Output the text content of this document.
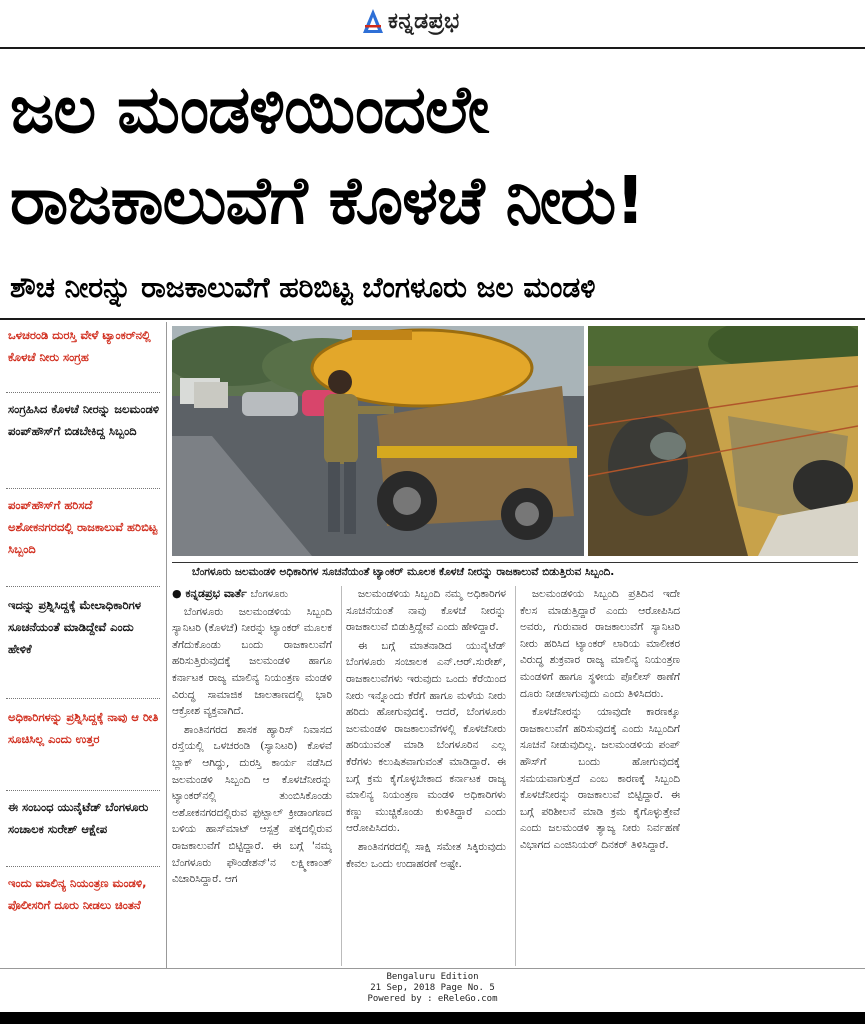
ಕನ್ನಡಪ್ರಭ
ಜಲ ಮಂಡಳಿಯಿಂದಲೇ
ರಾಜಕಾಲುವೆಗೆ ಕೊಳಚೆ ನೀರು!
ಶೌಚ ನೀರನ್ನು ರಾಜಕಾಲುವೆಗೆ ಹರಿಬಿಟ್ಟ ಬೆಂಗಳೂರು ಜಲ ಮಂಡಳಿ
ಒಳಚರಂಡಿ ದುರಸ್ತಿ ವೇಳೆ ಟ್ಯಾಂಕರ್‌ನಲ್ಲಿ ಕೊಳಚೆ ನೀರು ಸಂಗ್ರಹ
ಸಂಗ್ರಹಿಸಿದ ಕೊಳಚೆ ನೀರನ್ನು ಜಲಮಂಡಳಿ ಪಂಪ್‌ಹೌಸ್‌ಗೆ ಬಿಡಬೇಕಿದ್ದ ಸಿಬ್ಬಂದಿ
ಪಂಪ್‌ಹೌಸ್‌ಗೆ ಹರಿಸದೆ ಅಶೋಕನಗರದಲ್ಲಿ ರಾಜಕಾಲುವೆ ಹರಿಬಿಟ್ಟ ಸಿಬ್ಬಂದಿ
ಇದನ್ನು ಪ್ರಶ್ನಿಸಿದ್ದಕ್ಕೆ ಮೇಲಾಧಿಕಾರಿಗಳ ಸೂಚನೆಯಂತೆ ಮಾಡಿದ್ದೇವೆ ಎಂದು ಹೇಳಿಕೆ
ಅಧಿಕಾರಿಗಳನ್ನು ಪ್ರಶ್ನಿಸಿದ್ದಕ್ಕೆ ನಾವು ಆ ರೀತಿ ಸೂಚಿಸಿಲ್ಲ ಎಂದು ಉತ್ತರ
ಈ ಸಂಬಂಧ ಯುನೈಟೆಡ್ ಬೆಂಗಳೂರು ಸಂಚಾಲಕ ಸುರೇಶ್ ಆಕ್ಷೇಪ
ಇಂದು ಮಾಲಿನ್ಯ ನಿಯಂತ್ರಣ ಮಂಡಳಿ, ಪೊಲೀಸರಿಗೆ ದೂರು ನೀಡಲು ಚಿಂತನೆ
ಬೆಂಗಳೂರು ಜಲಮಂಡಳಿ ಅಧಿಕಾರಿಗಳ ಸೂಚನೆಯಂತೆ ಟ್ಯಾಂಕರ್ ಮೂಲಕ ಕೊಳಚೆ ನೀರನ್ನು ರಾಜಕಾಲುವೆ ಬಿಡುತ್ತಿರುವ ಸಿಬ್ಬಂದಿ.
● ಕನ್ನಡಪ್ರಭ ವಾರ್ತೆ ಬೆಂಗಳೂರು

ಬೆಂಗಳೂರು ಜಲಮಂಡಳಿಯ ಸಿಬ್ಬಂದಿ ಸ್ಯಾನಿಟರಿ (ಕೊಳಚೆ) ನೀರನ್ನು ಟ್ಯಾಂಕರ್ ಮೂಲಕ ತೆಗೆದುಕೊಂಡು ಬಂದು ರಾಜಕಾಲುವೆಗೆ ಹರಿಸುತ್ತಿರುವುದಕ್ಕೆ ಜಲಮಂಡಳಿ ಹಾಗೂ ಕರ್ನಾಟಕ ರಾಜ್ಯ ಮಾಲಿನ್ಯ ನಿಯಂತ್ರಣ ಮಂಡಳಿ ವಿರುದ್ಧ ಸಾಮಾಜಿಕ ಜಾಲತಾಣದಲ್ಲಿ ಭಾರಿ ಆಕ್ರೋಶ ವ್ಯಕ್ತವಾಗಿದೆ.

ಶಾಂತಿನಗರದ ಶಾಸಕ ಹ್ಯಾರಿಸ್ ನಿವಾಸದ ರಸ್ತೆಯಲ್ಲಿ ಒಳಚರಂಡಿ (ಸ್ಯಾನಿಟರಿ) ಕೊಳವೆ ಬ್ಲಾಕ್ ಆಗಿದ್ದು, ದುರಸ್ತಿ ಕಾರ್ಯ ನಡೆಸಿದ ಜಲಮಂಡಳಿ ಸಿಬ್ಬಂದಿ ಆ ಕೊಳಚೆನೀರನ್ನು ಟ್ಯಾಂಕರ್‌ನಲ್ಲಿ ತುಂಬಿಸಿಕೊಂಡು ಅಶೋಕನಗರದಲ್ಲಿರುವ ಫುಟ್ಬಾಲ್ ಕ್ರೀಡಾಂಗಣದ ಬಳಿಯ ಹಾಸ್‌ಮಾಟ್ ಆಸ್ಪತ್ರೆ ಪಕ್ಕದಲ್ಲಿರುವ ರಾಜಕಾಲುವೆಗೆ ಬಿಟ್ಟಿದ್ದಾರೆ. ಈ ಬಗ್ಗೆ 'ನಮ್ಮ ಬೆಂಗಳೂರು ಫೌಂಡೇಶನ್'ನ ಲಕ್ಷ್ಮೀಕಾಂತ್ ವಿಚಾರಿಸಿದ್ದಾರೆ. ಆಗ

ಜಲಮಂಡಳಿಯ ಸಿಬ್ಬಂದಿ ನಮ್ಮ ಅಧಿಕಾರಿಗಳ ಸೂಚನೆಯಂತೆ ನಾವು ಕೊಳಚೆ ನೀರನ್ನು ರಾಜಕಾಲುವೆ ಬಿಡುತ್ತಿದ್ದೇವೆ ಎಂದು ಹೇಳಿದ್ದಾರೆ.

ಈ ಬಗ್ಗೆ ಮಾತನಾಡಿದ ಯುನೈಟೆಡ್ ಬೆಂಗಳೂರು ಸಂಚಾಲಕ ಎನ್.ಆರ್.ಸುರೇಶ್, ರಾಜಕಾಲುವೆಗಳು ಇರುವುದು ಒಂದು ಕೆರೆಯಿಂದ ನೀರು ಇನ್ನೊಂದು ಕೆರೆಗೆ ಹಾಗೂ ಮಳೆಯ ನೀರು ಹರಿದು ಹೋಗುವುದಕ್ಕೆ. ಆದರೆ, ಬೆಂಗಳೂರು ಜಲಮಂಡಳಿ ರಾಜಕಾಲುವೆಗಳಲ್ಲಿ ಕೊಳಚೆನೀರು ಹರಿಯುವಂತೆ ಮಾಡಿ ಬೆಂಗಳೂರಿನ ಎಲ್ಲ ಕೆರೆಗಳು ಕಲುಷಿತವಾಗುವಂತೆ ಮಾಡಿದ್ದಾರೆ. ಈ ಬಗ್ಗೆ ಕ್ರಮ ಕೈಗೊಳ್ಳಬೇಕಾದ ಕರ್ನಾಟಕ ರಾಜ್ಯ ಮಾಲಿನ್ಯ ನಿಯಂತ್ರಣ ಮಂಡಳಿ ಅಧಿಕಾರಿಗಳು ಕಣ್ಣು ಮುಚ್ಚಿಕೊಂಡು ಕುಳಿತಿದ್ದಾರೆ ಎಂದು ಆರೋಪಿಸಿದರು.

ಶಾಂತಿನಗರದಲ್ಲಿ ಸಾಕ್ಷಿ ಸಮೇತ ಸಿಕ್ಕಿರುವುದು ಕೇವಲ ಒಂದು ಉದಾಹರಣೆ ಅಷ್ಟೇ.

ಜಲಮಂಡಳಿಯ ಸಿಬ್ಬಂದಿ ಪ್ರತಿದಿನ ಇದೇ ಕೆಲಸ ಮಾಡುತ್ತಿದ್ದಾರೆ ಎಂದು ಆರೋಪಿಸಿದ ಅವರು, ಗುರುವಾರ ರಾಜಕಾಲುವೆಗೆ ಸ್ಯಾನಿಟರಿ ನೀರು ಹರಿಸಿದ ಟ್ಯಾಂಕರ್ ಲಾರಿಯ ಮಾಲೀಕರ ವಿರುದ್ಧ ಶುಕ್ರವಾರ ರಾಜ್ಯ ಮಾಲಿನ್ಯ ನಿಯಂತ್ರಣ ಮಂಡಳಿಗೆ ಹಾಗೂ ಸ್ಥಳೀಯ ಪೊಲೀಸ್ ಠಾಣೆಗೆ ದೂರು ನೀಡಲಾಗುವುದು ಎಂದು ತಿಳಿಸಿದರು.

ಕೊಳಚೆನೀರನ್ನು ಯಾವುದೇ ಕಾರಣಕ್ಕೂ ರಾಜಕಾಲುವೆಗೆ ಹರಿಸುವುದಕ್ಕೆ ಎಂದು ಸಿಬ್ಬಂದಿಗೆ ಸೂಚನೆ ನೀಡುವುದಿಲ್ಲ. ಜಲಮಂಡಳಿಯ ಪಂಪ್ ಹೌಸ್‌ಗೆ ಬಂದು ಹೋಗುವುದಕ್ಕೆ ಸಮಯವಾಗುತ್ತದೆ ಎಂಬ ಕಾರಣಕ್ಕೆ ಸಿಬ್ಬಂದಿ ಕೊಳಚೆನೀರನ್ನು ರಾಜಕಾಲುವೆ ಬಿಟ್ಟಿದ್ದಾರೆ. ಈ ಬಗ್ಗೆ ಪರಿಶೀಲನೆ ಮಾಡಿ ಕ್ರಮ ಕೈಗೊಳ್ಳುತ್ತೇವೆ ಎಂದು ಜಲಮಂಡಳಿ ತ್ಯಾಜ್ಯ ನೀರು ನಿರ್ವಹಣೆ ವಿಭಾಗದ ಎಂಜಿನಿಯರ್ ದಿನಕರ್ ತಿಳಿಸಿದ್ದಾರೆ.

Bengaluru Edition
21 Sep, 2018 Page No. 5
Powered by : eReleGo.com
